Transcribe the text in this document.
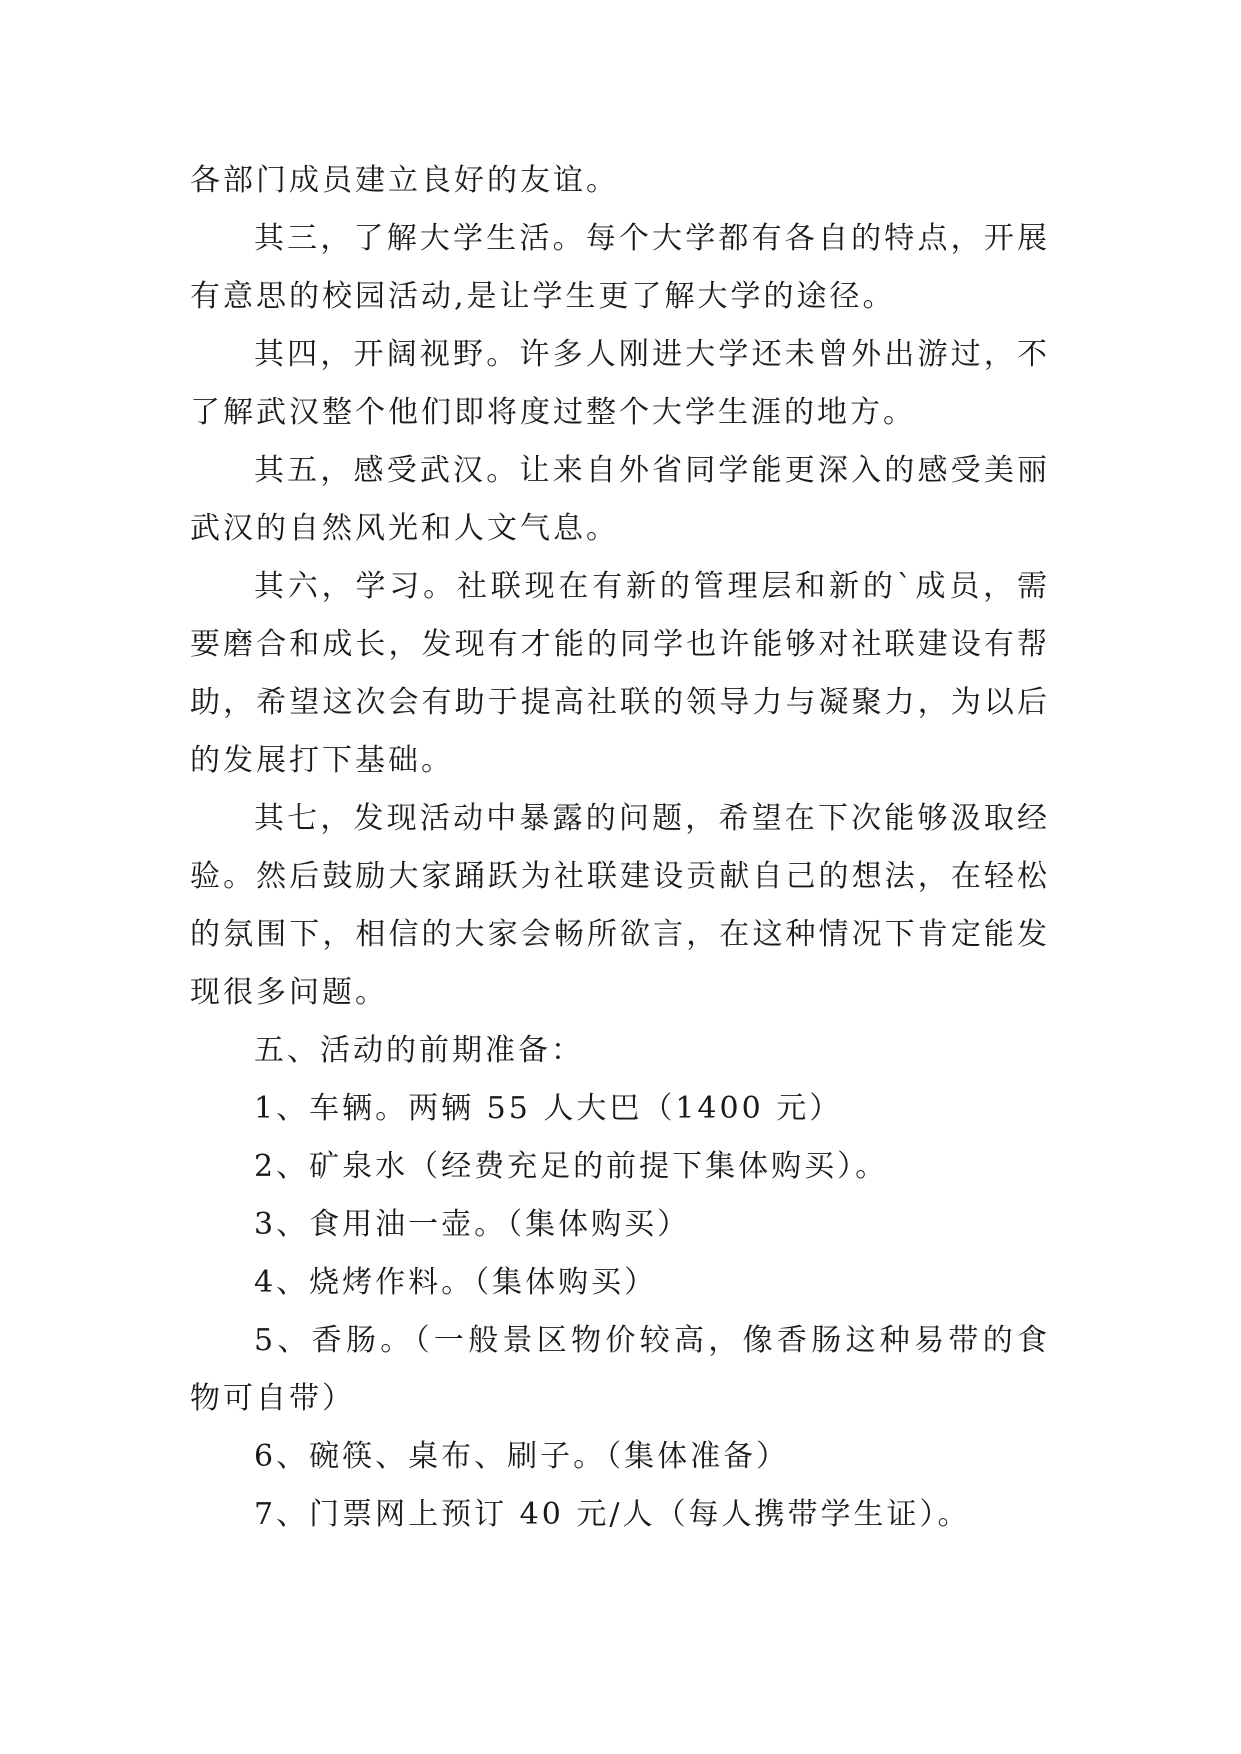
各部门成员建立良好的友谊。

其三，了解大学生活。每个大学都有各自的特点，开展有意思的校园活动,是让学生更了解大学的途径。

其四，开阔视野。许多人刚进大学还未曾外出游过，不了解武汉整个他们即将度过整个大学生涯的地方。

其五，感受武汉。让来自外省同学能更深入的感受美丽武汉的自然风光和人文气息。

其六，学习。社联现在有新的管理层和新的`成员，需要磨合和成长，发现有才能的同学也许能够对社联建设有帮助，希望这次会有助于提高社联的领导力与凝聚力，为以后的发展打下基础。

其七，发现活动中暴露的问题，希望在下次能够汲取经验。然后鼓励大家踊跃为社联建设贡献自己的想法，在轻松的氛围下，相信的大家会畅所欲言，在这种情况下肯定能发现很多问题。

五、活动的前期准备：

1、车辆。两辆 55 人大巴（1400 元）

2、矿泉水（经费充足的前提下集体购买）。

3、食用油一壶。（集体购买）

4、烧烤作料。（集体购买）

5、香肠。（一般景区物价较高，像香肠这种易带的食物可自带）

6、碗筷、桌布、刷子。（集体准备）

7、门票网上预订 40 元/人（每人携带学生证）。
